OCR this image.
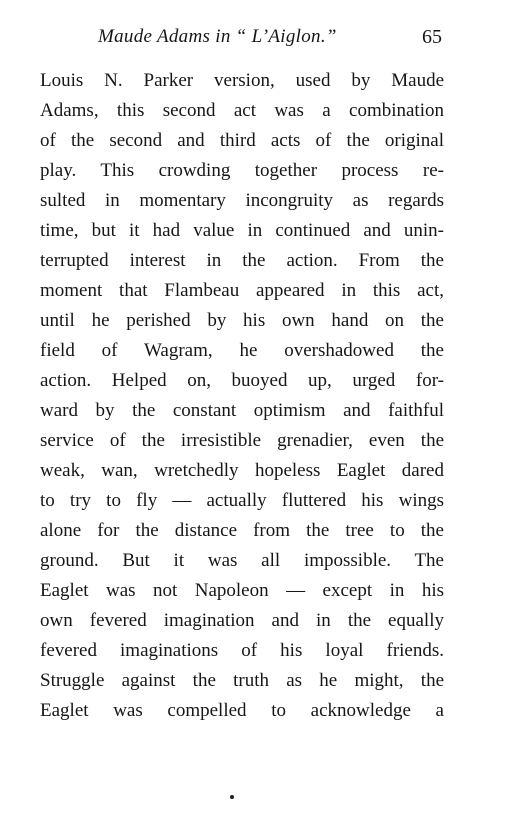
Maude Adams in “ L’Aiglon.”	65
Louis N. Parker version, used by Maude
Adams, this second act was a combination
of the second and third acts of the original
play. This crowding together process re-
sulted in momentary incongruity as regards
time, but it had value in continued and unin-
terrupted interest in the action. From the
moment that Flambeau appeared in this act,
until he perished by his own hand on the
field of Wagram, he overshadowed the
action. Helped on, buoyed up, urged for-
ward by the constant optimism and faithful
service of the irresistible grenadier, even the
weak, wan, wretchedly hopeless Eaglet dared
to try to fly — actually fluttered his wings
alone for the distance from the tree to the
ground. But it was all impossible. The
Eaglet was not Napoleon — except in his
own fevered imagination and in the equally
fevered imaginations of his loyal friends.
Struggle against the truth as he might, the
Eaglet was compelled to acknowledge a
